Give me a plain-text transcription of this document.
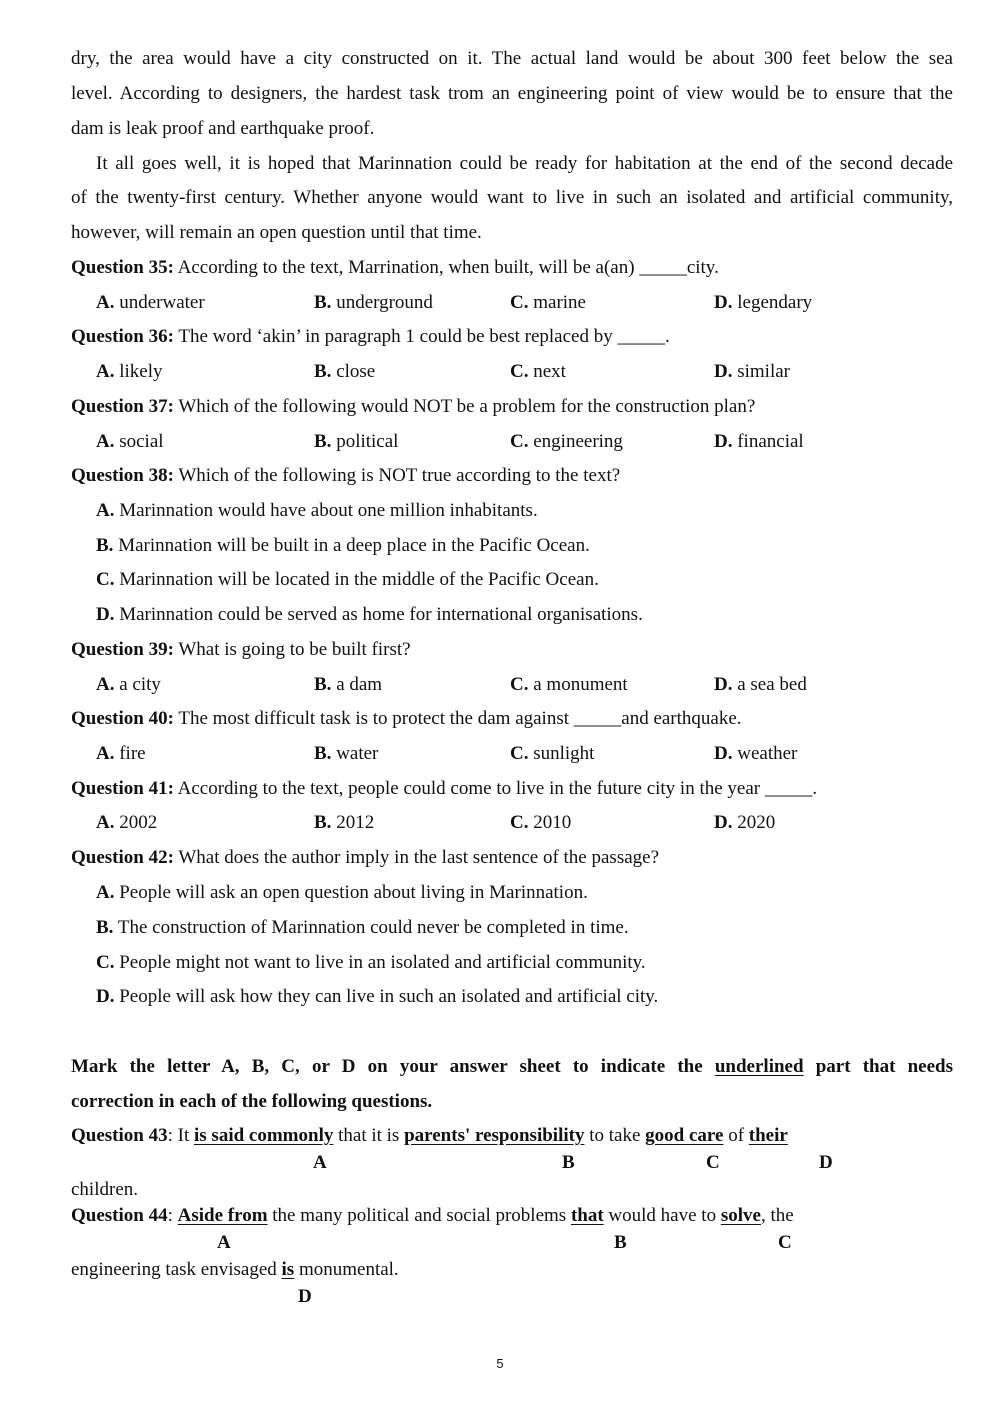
dry, the area would have a city constructed on it. The actual land would be about 300 feet below the sea
level. According to designers, the hardest task trom an engineering point of view would be to ensure that the
dam is leak proof and earthquake proof.
It all goes well, it is hoped that Marinnation could be ready for habitation at the end of the second decade
of the twenty-first century. Whether anyone would want to live in such an isolated and artificial community,
however, will remain an open question until that time.
Question 35: According to the text, Marrination, when built, will be a(an) _____city.
A. underwater	B. underground	C. marine	D. legendary
Question 36: The word ‘akin’ in paragraph 1 could be best replaced by _____.
A. likely	B. close	C. next	D. similar
Question 37: Which of the following would NOT be a problem for the construction plan?
A. social	B. political	C. engineering	D. financial
Question 38: Which of the following is NOT true according to the text?
A. Marinnation would have about one million inhabitants.
B. Marinnation will be built in a deep place in the Pacific Ocean.
C. Marinnation will be located in the middle of the Pacific Ocean.
D. Marinnation could be served as home for international organisations.
Question 39: What is going to be built first?
A. a city	B. a dam	C. a monument	D. a sea bed
Question 40: The most difficult task is to protect the dam against _____and earthquake.
A. fire	B. water	C. sunlight	D. weather
Question 41: According to the text, people could come to live in the future city in the year _____.
A. 2002	B. 2012	C. 2010	D. 2020
Question 42: What does the author imply in the last sentence of the passage?
A. People will ask an open question about living in Marinnation.
B. The construction of Marinnation could never be completed in time.
C. People might not want to live in an isolated and artificial community.
D. People will ask how they can live in such an isolated and artificial city.
Mark the letter A, B, C, or D on your answer sheet to indicate the underlined part that needs
correction in each of the following questions.
Question 43: It is said commonly that it is parents' responsibility to take good care of their
A	B	C	D
children.
Question 44: Aside from the many political and social problems that would have to solve, the
A	B	C
engineering task envisaged is monumental.
D
5
